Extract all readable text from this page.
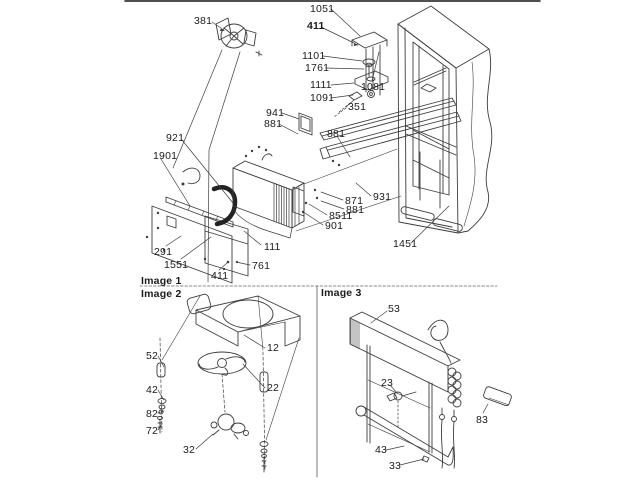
Image 1
Image 2	Image 3
381
1051
411
1101
1761
1111	1081
1091
351
941
881
921
1901
881
931
871
881
8511
901
111
291
1551	761
411
1451
12
52
22
42
82
72
32
53
23
83
43
33
